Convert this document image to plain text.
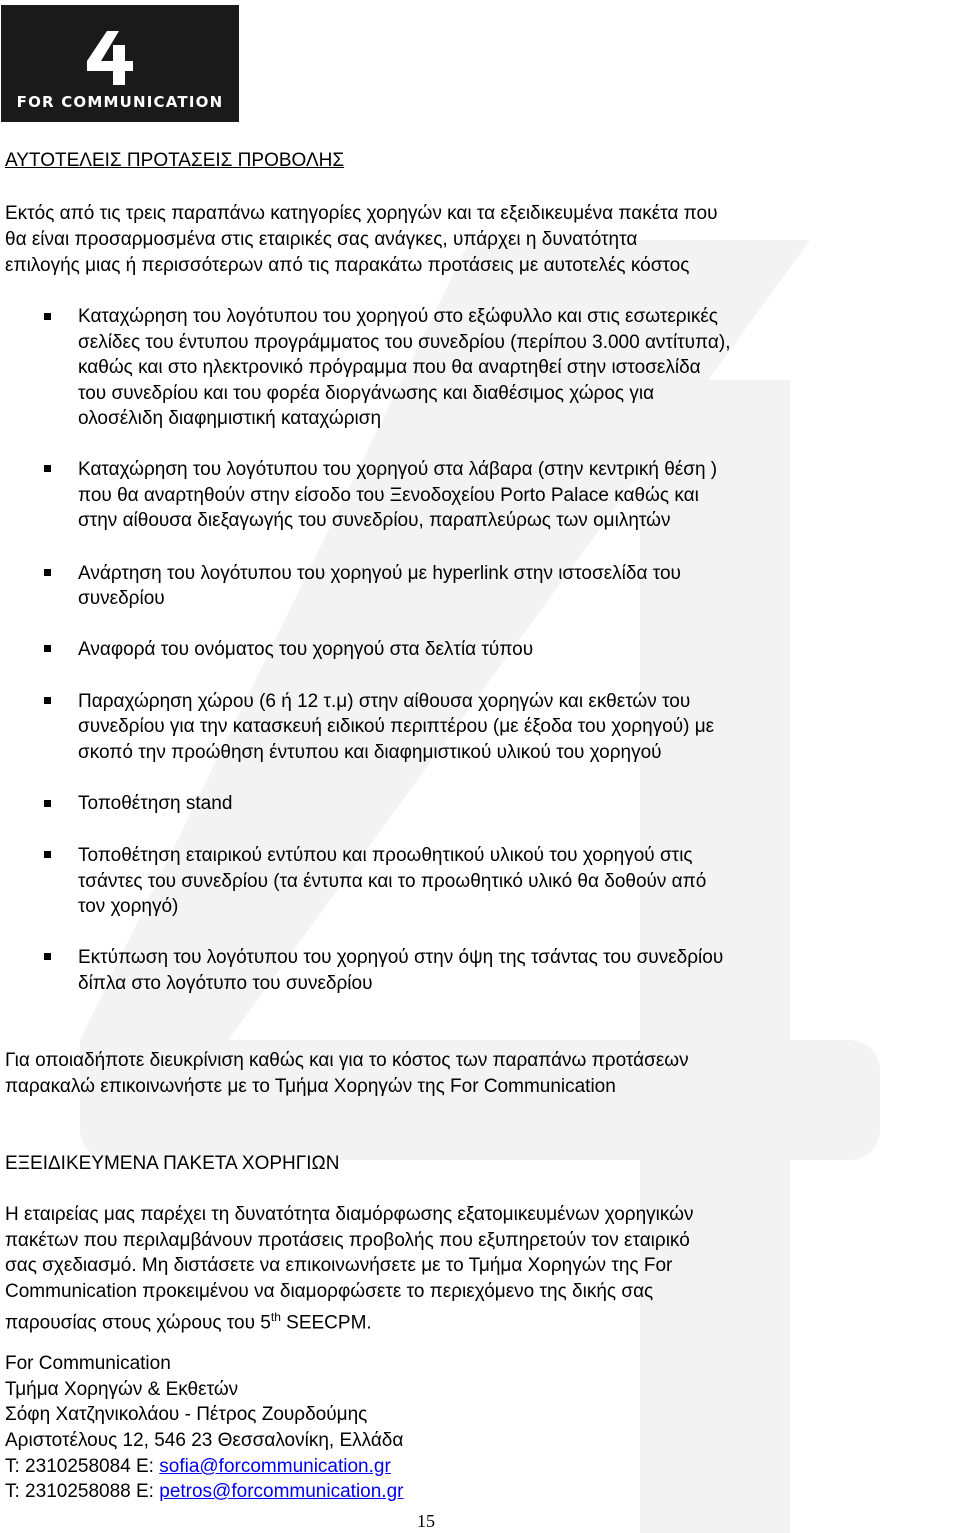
FOR COMMUNICATION

ΑΥΤΟΤΕΛΕΙΣ ΠΡΟΤΑΣΕΙΣ ΠΡΟΒΟΛΗΣ

Εκτός από τις τρεις παραπάνω κατηγορίες χορηγών και τα εξειδικευμένα πακέτα που

θα είναι προσαρμοσμένα στις εταιρικές σας ανάγκες, υπάρχει η δυνατότητα

επιλογής μιας ή περισσότερων από τις παρακάτω προτάσεις με αυτοτελές κόστος

Καταχώρηση του λογότυπου του χορηγού στο εξώφυλλο και στις εσωτερικές

σελίδες του έντυπου προγράμματος του συνεδρίου (περίπου 3.000 αντίτυπα),

καθώς και στο ηλεκτρονικό πρόγραμμα που θα αναρτηθεί στην ιστοσελίδα

του συνεδρίου και του φορέα διοργάνωσης και διαθέσιμος χώρος για

ολοσέλιδη διαφημιστική καταχώριση

Καταχώρηση του λογότυπου του χορηγού στα λάβαρα (στην κεντρική θέση )

που θα αναρτηθούν στην είσοδο του Ξενοδοχείου Porto Palace καθώς και

στην αίθουσα διεξαγωγής του συνεδρίου, παραπλεύρως των ομιλητών

Ανάρτηση του λογότυπου του χορηγού με hyperlink στην ιστοσελίδα του

συνεδρίου

Αναφορά του ονόματος του χορηγού στα δελτία τύπου

Παραχώρηση χώρου (6 ή 12 τ.μ) στην αίθουσα χορηγών και εκθετών του

συνεδρίου για την κατασκευή ειδικού περιπτέρου (με έξοδα του χορηγού) με

σκοπό την προώθηση έντυπου και διαφημιστικού υλικού του χορηγού

Τοποθέτηση stand

Τοποθέτηση εταιρικού εντύπου και προωθητικού υλικού του χορηγού στις

τσάντες του συνεδρίου (τα έντυπα και το προωθητικό υλικό θα δοθούν από

τον χορηγό)

Εκτύπωση του λογότυπου του χορηγού στην όψη της τσάντας του συνεδρίου

δίπλα στο λογότυπο του συνεδρίου

Για οποιαδήποτε διευκρίνιση καθώς και για το κόστος των παραπάνω προτάσεων

παρακαλώ επικοινωνήστε με το Τμήμα Χορηγών της For Communication

ΕΞΕΙΔΙΚΕΥΜΕΝΑ ΠΑΚΕΤΑ ΧΟΡΗΓΙΩΝ

Η εταιρείας μας παρέχει τη δυνατότητα διαμόρφωσης εξατομικευμένων χορηγικών

πακέτων που περιλαμβάνουν προτάσεις προβολής που εξυπηρετούν τον εταιρικό

σας σχεδιασμό. Μη διστάσετε να επικοινωνήσετε με το Τμήμα Χορηγών της For

Communication προκειμένου να διαμορφώσετε το περιεχόμενο της δικής σας

παρουσίας στους χώρους του 5th SEECPM.

For Communication

Τμήμα Χορηγών & Εκθετών

Σόφη Χατζηνικολάου - Πέτρος Ζουρδούμης

Αριστοτέλους 12, 546 23 Θεσσαλονίκη, Ελλάδα

T: 2310258084 E: sofia@forcommunication.gr

T: 2310258088 E: petros@forcommunication.gr

15
